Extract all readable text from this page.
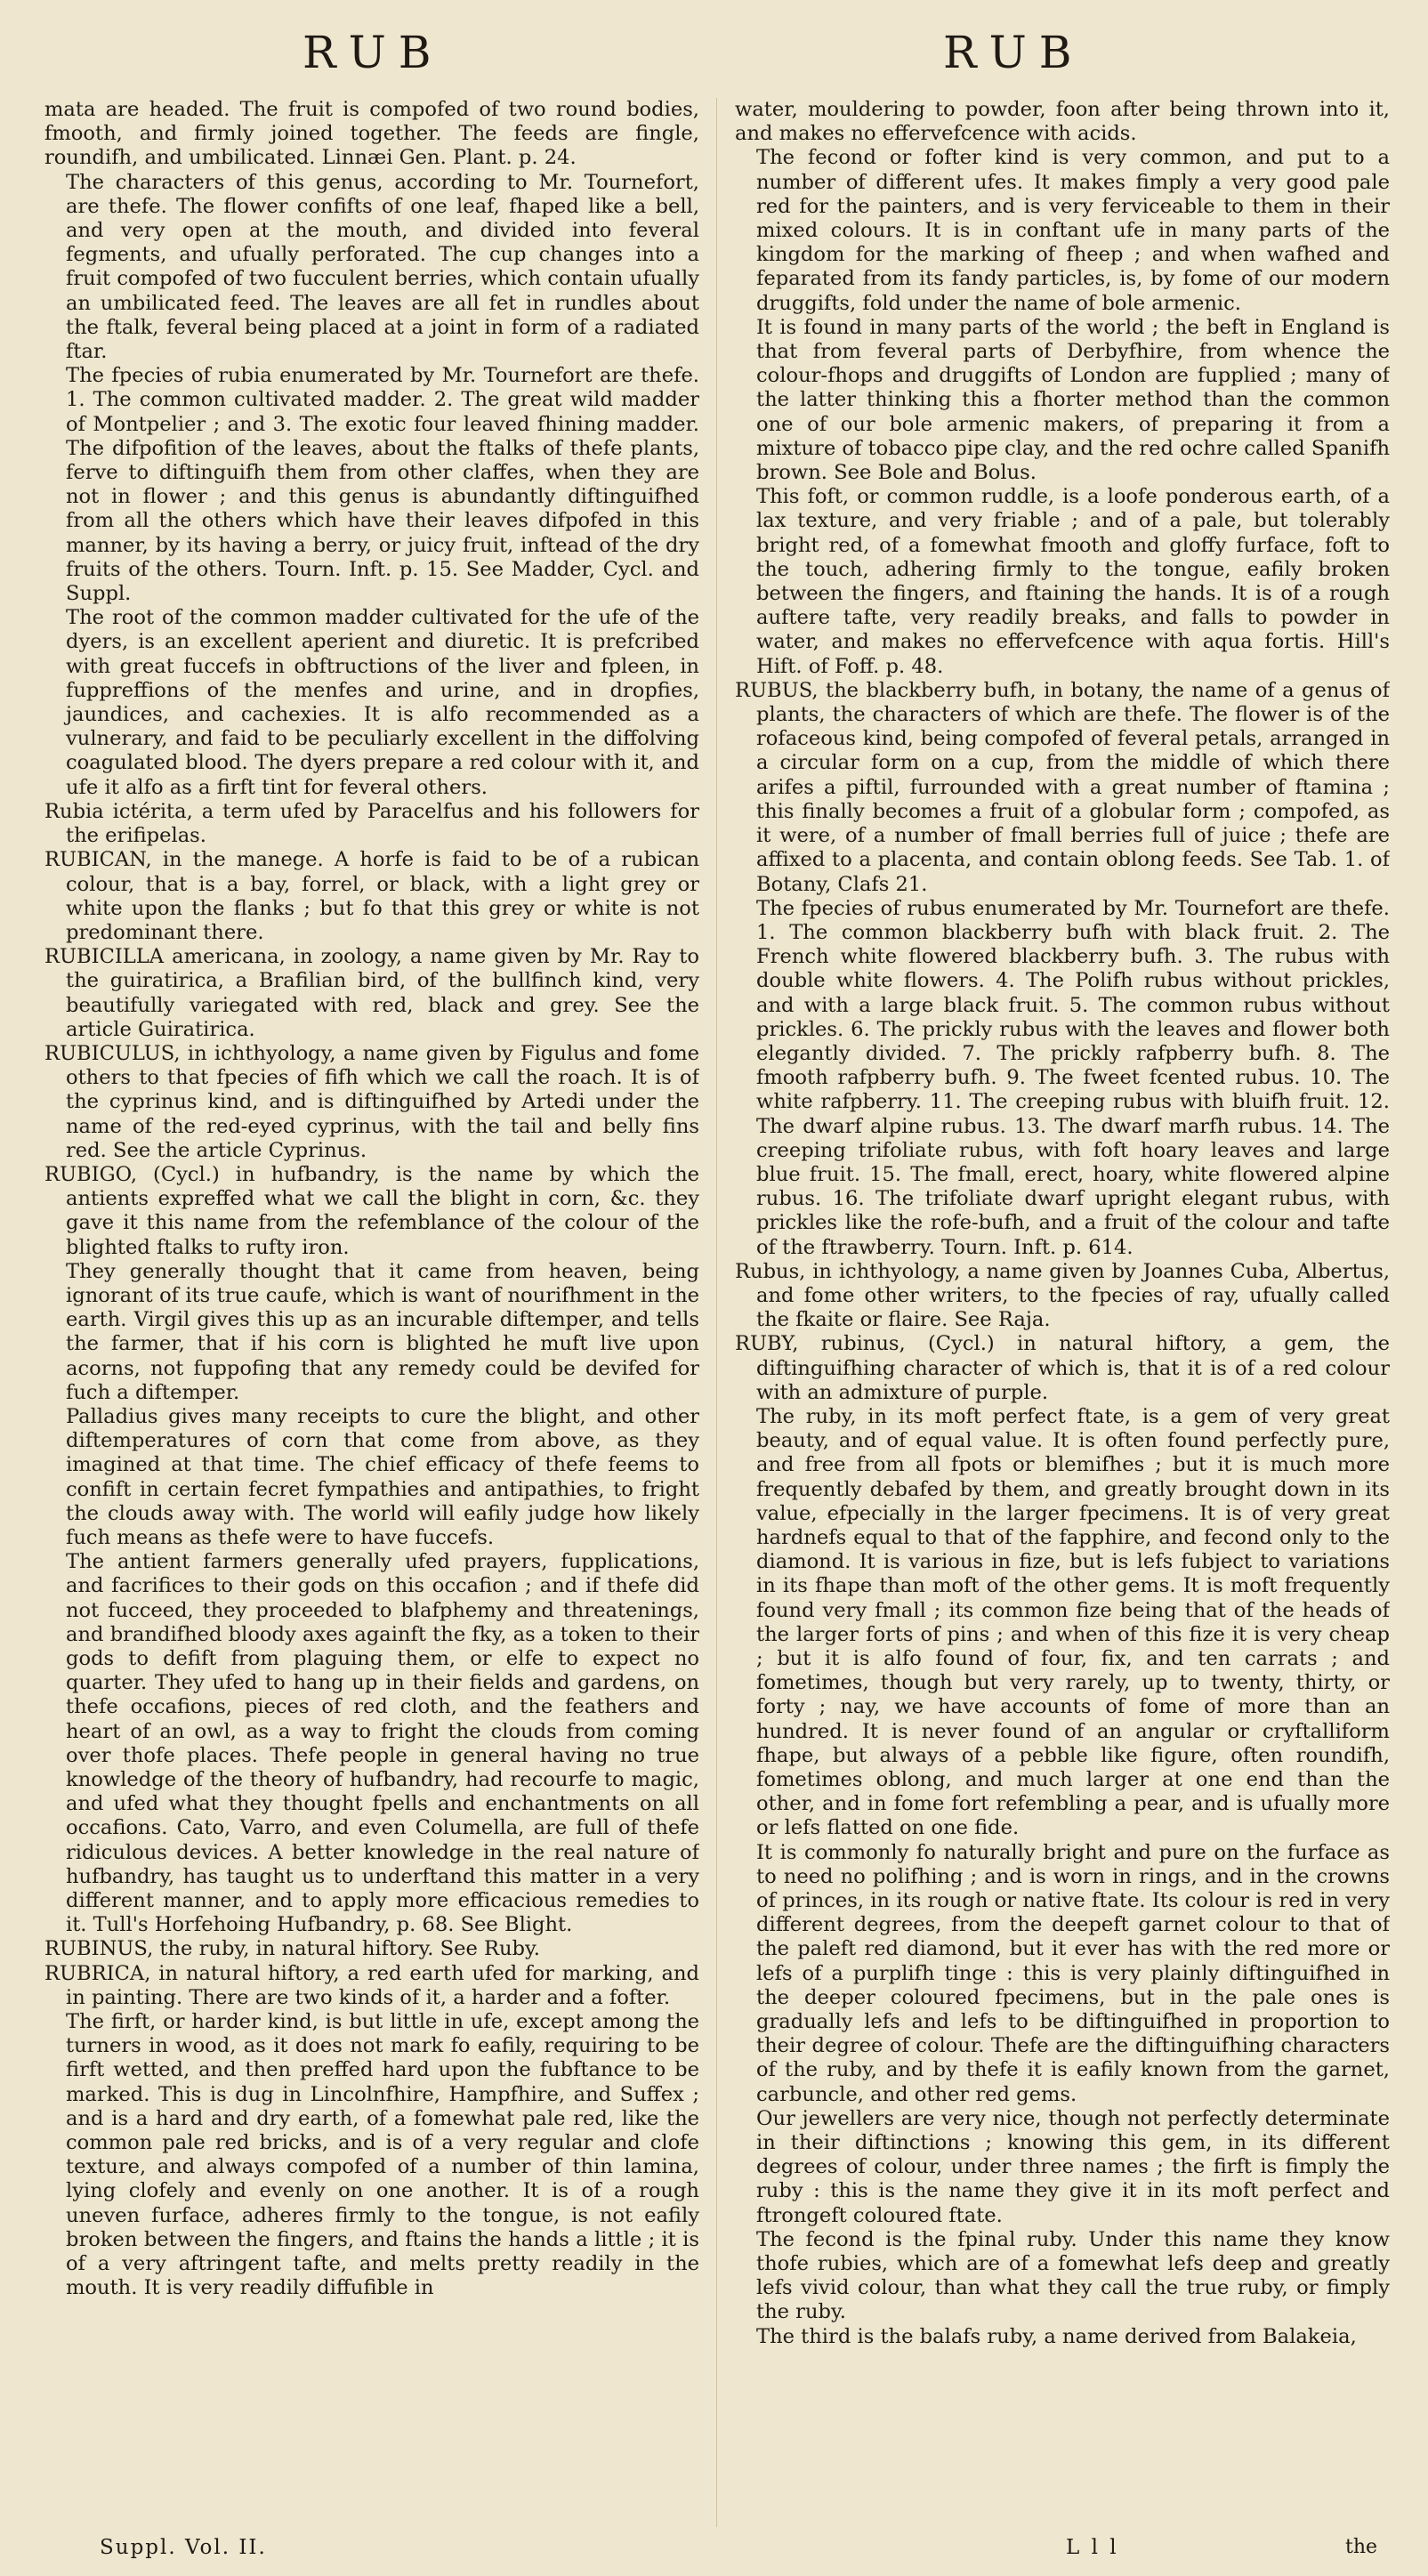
RUB	RUB

mata are headed. The fruit is compofed of two round bodies, fmooth, and firmly joined together. The feeds are fingle, roundifh, and umbilicated. Linnæi Gen. Plant. p. 24.

The characters of this genus, according to Mr. Tournefort, are thefe. The flower confifts of one leaf, fhaped like a bell, and very open at the mouth, and divided into feveral fegments, and ufually perforated. The cup changes into a fruit compofed of two fucculent berries, which contain ufually an umbilicated feed. The leaves are all fet in rundles about the ftalk, feveral being placed at a joint in form of a radiated ftar.

The fpecies of rubia enumerated by Mr. Tournefort are thefe. 1. The common cultivated madder. 2. The great wild madder of Montpelier ; and 3. The exotic four leaved fhining madder. The difpofition of the leaves, about the ftalks of thefe plants, ferve to diftinguifh them from other claffes, when they are not in flower ; and this genus is abundantly diftinguifhed from all the others which have their leaves difpofed in this manner, by its having a berry, or juicy fruit, inftead of the dry fruits of the others. Tourn. Inft. p. 15. See Madder, Cycl. and Suppl.

The root of the common madder cultivated for the ufe of the dyers, is an excellent aperient and diuretic. It is prefcribed with great fuccefs in obftructions of the liver and fpleen, in fuppreffions of the menfes and urine, and in dropfies, jaundices, and cachexies. It is alfo recommended as a vulnerary, and faid to be peculiarly excellent in the diffolving coagulated blood. The dyers prepare a red colour with it, and ufe it alfo as a firft tint for feveral others.

Rubia ictérita, a term ufed by Paracelfus and his followers for the erifipelas.

RUBICAN, in the manege. A horfe is faid to be of a rubican colour, that is a bay, forrel, or black, with a light grey or white upon the flanks ; but fo that this grey or white is not predominant there.

RUBICILLA americana, in zoology, a name given by Mr. Ray to the guiratirica, a Brafilian bird, of the bullfinch kind, very beautifully variegated with red, black and grey. See the article Guiratirica.

RUBICULUS, in ichthyology, a name given by Figulus and fome others to that fpecies of fifh which we call the roach. It is of the cyprinus kind, and is diftinguifhed by Artedi under the name of the red-eyed cyprinus, with the tail and belly fins red. See the article Cyprinus.

RUBIGO, (Cycl.) in hufbandry, is the name by which the antients expreffed what we call the blight in corn, &c. they gave it this name from the refemblance of the colour of the blighted ftalks to rufty iron.

They generally thought that it came from heaven, being ignorant of its true caufe, which is want of nourifhment in the earth. Virgil gives this up as an incurable diftemper, and tells the farmer, that if his corn is blighted he muft live upon acorns, not fuppofing that any remedy could be devifed for fuch a diftemper.

Palladius gives many receipts to cure the blight, and other diftemperatures of corn that come from above, as they imagined at that time. The chief efficacy of thefe feems to confift in certain fecret fympathies and antipathies, to fright the clouds away with. The world will eafily judge how likely fuch means as thefe were to have fuccefs.

The antient farmers generally ufed prayers, fupplications, and facrifices to their gods on this occafion ; and if thefe did not fucceed, they proceeded to blafphemy and threatenings, and brandifhed bloody axes againft the fky, as a token to their gods to defift from plaguing them, or elfe to expect no quarter. They ufed to hang up in their fields and gardens, on thefe occafions, pieces of red cloth, and the feathers and heart of an owl, as a way to fright the clouds from coming over thofe places. Thefe people in general having no true knowledge of the theory of hufbandry, had recourfe to magic, and ufed what they thought fpells and enchantments on all occafions. Cato, Varro, and even Columella, are full of thefe ridiculous devices. A better knowledge in the real nature of hufbandry, has taught us to underftand this matter in a very different manner, and to apply more efficacious remedies to it. Tull's Horfehoing Hufbandry, p. 68. See Blight.

RUBINUS, the ruby, in natural hiftory. See Ruby.

RUBRICA, in natural hiftory, a red earth ufed for marking, and in painting. There are two kinds of it, a harder and a fofter.

The firft, or harder kind, is but little in ufe, except among the turners in wood, as it does not mark fo eafily, requiring to be firft wetted, and then preffed hard upon the fubftance to be marked. This is dug in Lincolnfhire, Hampfhire, and Suffex ; and is a hard and dry earth, of a fomewhat pale red, like the common pale red bricks, and is of a very regular and clofe texture, and always compofed of a number of thin lamina, lying clofely and evenly on one another. It is of a rough uneven furface, adheres firmly to the tongue, is not eafily broken between the fingers, and ftains the hands a little ; it is of a very aftringent tafte, and melts pretty readily in the mouth. It is very readily diffufible in

water, mouldering to powder, foon after being thrown into it, and makes no effervefcence with acids.

The fecond or fofter kind is very common, and put to a number of different ufes. It makes fimply a very good pale red for the painters, and is very ferviceable to them in their mixed colours. It is in conftant ufe in many parts of the kingdom for the marking of fheep ; and when wafhed and feparated from its fandy particles, is, by fome of our modern druggifts, fold under the name of bole armenic.

It is found in many parts of the world ; the beft in England is that from feveral parts of Derbyfhire, from whence the colour-fhops and druggifts of London are fupplied ; many of the latter thinking this a fhorter method than the common one of our bole armenic makers, of preparing it from a mixture of tobacco pipe clay, and the red ochre called Spanifh brown. See Bole and Bolus.

This foft, or common ruddle, is a loofe ponderous earth, of a lax texture, and very friable ; and of a pale, but tolerably bright red, of a fomewhat fmooth and gloffy furface, foft to the touch, adhering firmly to the tongue, eafily broken between the fingers, and ftaining the hands. It is of a rough auftere tafte, very readily breaks, and falls to powder in water, and makes no effervefcence with aqua fortis. Hill's Hift. of Foff. p. 48.

RUBUS, the blackberry bufh, in botany, the name of a genus of plants, the characters of which are thefe. The flower is of the rofaceous kind, being compofed of feveral petals, arranged in a circular form on a cup, from the middle of which there arifes a piftil, furrounded with a great number of ftamina ; this finally becomes a fruit of a globular form ; compofed, as it were, of a number of fmall berries full of juice ; thefe are affixed to a placenta, and contain oblong feeds. See Tab. 1. of Botany, Clafs 21.

The fpecies of rubus enumerated by Mr. Tournefort are thefe. 1. The common blackberry bufh with black fruit. 2. The French white flowered blackberry bufh. 3. The rubus with double white flowers. 4. The Polifh rubus without prickles, and with a large black fruit. 5. The common rubus without prickles. 6. The prickly rubus with the leaves and flower both elegantly divided. 7. The prickly rafpberry bufh. 8. The fmooth rafpberry bufh. 9. The fweet fcented rubus. 10. The white rafpberry. 11. The creeping rubus with bluifh fruit. 12. The dwarf alpine rubus. 13. The dwarf marfh rubus. 14. The creeping trifoliate rubus, with foft hoary leaves and large blue fruit. 15. The fmall, erect, hoary, white flowered alpine rubus. 16. The trifoliate dwarf upright elegant rubus, with prickles like the rofe-bufh, and a fruit of the colour and tafte of the ftrawberry. Tourn. Inft. p. 614.

Rubus, in ichthyology, a name given by Joannes Cuba, Albertus, and fome other writers, to the fpecies of ray, ufually called the fkaite or flaire. See Raja.

RUBY, rubinus, (Cycl.) in natural hiftory, a gem, the diftinguifhing character of which is, that it is of a red colour with an admixture of purple.

The ruby, in its moft perfect ftate, is a gem of very great beauty, and of equal value. It is often found perfectly pure, and free from all fpots or blemifhes ; but it is much more frequently debafed by them, and greatly brought down in its value, efpecially in the larger fpecimens. It is of very great hardnefs equal to that of the fapphire, and fecond only to the diamond. It is various in fize, but is lefs fubject to variations in its fhape than moft of the other gems. It is moft frequently found very fmall ; its common fize being that of the heads of the larger forts of pins ; and when of this fize it is very cheap ; but it is alfo found of four, fix, and ten carrats ; and fometimes, though but very rarely, up to twenty, thirty, or forty ; nay, we have accounts of fome of more than an hundred. It is never found of an angular or cryftalliform fhape, but always of a pebble like figure, often roundifh, fometimes oblong, and much larger at one end than the other, and in fome fort refembling a pear, and is ufually more or lefs flatted on one fide.

It is commonly fo naturally bright and pure on the furface as to need no polifhing ; and is worn in rings, and in the crowns of princes, in its rough or native ftate. Its colour is red in very different degrees, from the deepeft garnet colour to that of the paleft red diamond, but it ever has with the red more or lefs of a purplifh tinge : this is very plainly diftinguifhed in the deeper coloured fpecimens, but in the pale ones is gradually lefs and lefs to be diftinguifhed in proportion to their degree of colour. Thefe are the diftinguifhing characters of the ruby, and by thefe it is eafily known from the garnet, carbuncle, and other red gems.

Our jewellers are very nice, though not perfectly determinate in their diftinctions ; knowing this gem, in its different degrees of colour, under three names ; the firft is fimply the ruby : this is the name they give it in its moft perfect and ftrongeft coloured ftate.

The fecond is the fpinal ruby. Under this name they know thofe rubies, which are of a fomewhat lefs deep and greatly lefs vivid colour, than what they call the true ruby, or fimply the ruby.

The third is the balafs ruby, a name derived from Balakeia,

Suppl. Vol. II.	L l l	the
